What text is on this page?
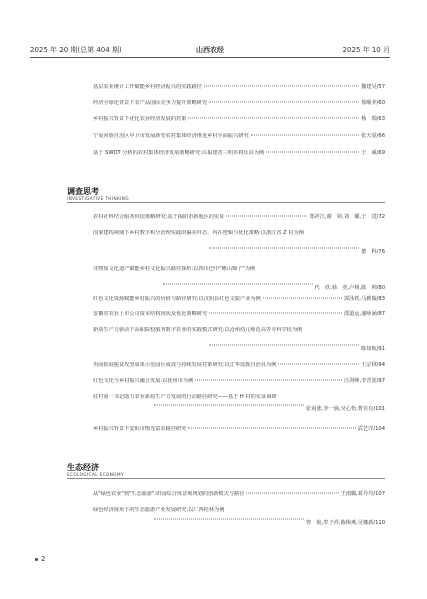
2025 年 20 期(总第 404 期)	山西农经	2025 年 10 月
基层农业统计工作赋能乡村经济振兴的实践路径	魏建吴 /57
经济全球化背景下农产品国际竞争力提升策略研究	徐顺养 /60
乡村振兴背景下优化农业经济发展的对策	杨　瑞 /63
宁夏回族自治区中卫市发展新型农村集体经济推进乡村全面振兴研究	张天夏 /66
基于 SWOT 分析的农村集体经济发展策略研究:以福建省三明市将乐县为例	王　威 /69
调查思考
INVESTIGATIVE THINKING
农村社科结合服务供给策略研究:基于揭阳市新地区的实证	郑祥江,谢　婷,刘　璐,王　进 /72
国家建构视域下乡村数字积分治理实践的偏差样态、内在逻辑与优化策略:以浙江省 Z 村为例
董　科 /76
非物质文化遗产赋能乡村文化振兴路径探析:以四川巴中"傩山锦子"为例
代　欣,韩　奕,卢杨,陈　帅 /80
红色文化资源赋能乡村振兴的价值与路径研究:以汉阴县红色文旅产业为例	郭泳铁,马雅璇 /83
安徽省农业上市公司资本结构现状及优化策略研究	邵道运,盛咏涵 /87
新质生产力驱动下高职院校服务数字农业的实践模式研究:以沧州幼儿师范高等专科学校为例
陈知航 /91
巩固拓展脱贫攻坚成果示范园区成效与持续发展对策研究:以江华瑶族自治县为例	王宗林 /94
红色文化与乡村振兴融合发展:以抚州市为例	汪剑峰,李晋宽 /97
驻村第一书记助力农业新质生产力发展的行动路径研究——基于 H 村的实证调研
张甫涨,李一涵,吴心怡,曹有有 /101
乡村振兴背景下安阳市衡光富农路径研究	武艺洋 /104
生态经济
ECOLOGICAL ECONOMY
从"绿色农业"到"生态旅游":田园综合体景观规划的创新模式与路径	王雨璐,葛丹丹 /107
绿色经济视角下的生态旅游产业发展研究:以广西桂林为例
曾　航,牟子祥,陈梅燕,吴娜新 /110
2
